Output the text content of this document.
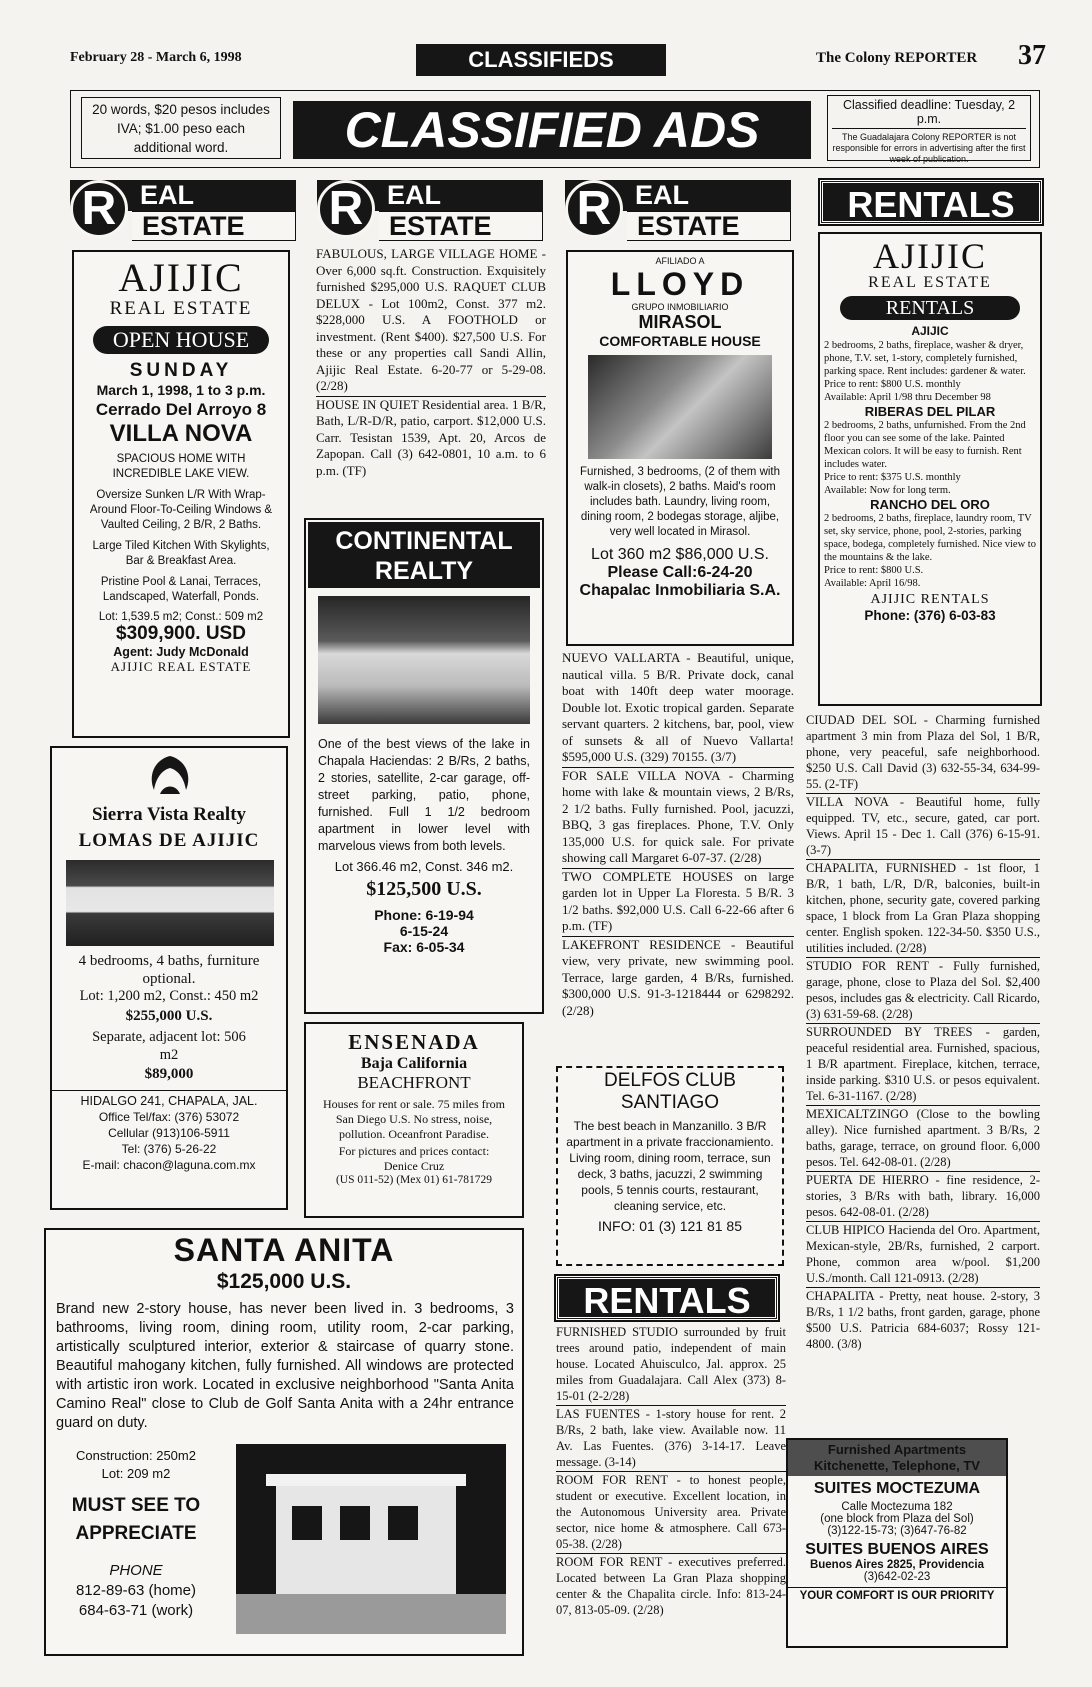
February 28 - March 6, 1998	CLASSIFIEDS	The Colony REPORTER 37
20 words, $20 pesos includes IVA; $1.00 peso each additional word.	CLASSIFIED ADS	Classified deadline: Tuesday, 2 p.m.
The Guadalajara Colony REPORTER is not responsible for errors in advertising after the first week of publication.
R EAL
ESTATE R EAL
ESTATE R EAL
ESTATE
RENTALS
AJIJIC
REAL ESTATE
OPEN HOUSE
SUNDAY
March 1, 1998, 1 to 3 p.m.
Cerrado Del Arroyo 8
VILLA NOVA
SPACIOUS HOME WITH INCREDIBLE LAKE VIEW.
Oversize Sunken L/R With Wrap-Around Floor-To-Ceiling Windows & Vaulted Ceiling, 2 B/R, 2 Baths.
Large Tiled Kitchen With Skylights, Bar & Breakfast Area.
Pristine Pool & Lanai, Terraces, Landscaped, Waterfall, Ponds.
Lot: 1,539.5 m2; Const.: 509 m2
$309,900. USD
Agent: Judy McDonald
AJIJIC REAL ESTATE
Sierra Vista Realty
LOMAS DE AJIJIC
4 bedrooms, 4 baths, furniture optional.
Lot: 1,200 m2, Const.: 450 m2
$255,000 U.S.
Separate, adjacent lot: 506 m2
$89,000
HIDALGO 241, CHAPALA, JAL.
Office Tel/fax: (376) 53072
Cellular (913)106-5911
Tel: (376) 5-26-22
E-mail: chacon@laguna.com.mx

FABULOUS, LARGE VILLAGE HOME - Over 6,000 sq.ft. Construction. Exquisitely furnished $295,000 U.S. RAQUET CLUB DELUX - Lot 100m2, Const. 377 m2. $228,000 U.S. A FOOTHOLD or investment. (Rent $400). $27,500 U.S. For these or any properties call Sandi Allin, Ajijic Real Estate. 6-20-77 or 5-29-08. (2/28)

HOUSE IN QUIET Residential area. 1 B/R, Bath, L/R-D/R, patio, carport. $12,000 U.S. Carr. Tesistan 1539, Apt. 20, Arcos de Zapopan. Call (3) 642-0801, 10 a.m. to 6 p.m. (TF)

CONTINENTAL REALTY
One of the best views of the lake in Chapala Haciendas: 2 B/Rs, 2 baths, 2 stories, satellite, 2-car garage, off-street parking, patio, phone, furnished. Full 1 1/2 bedroom apartment in lower level with marvelous views from both levels.
Lot 366.46 m2, Const. 346 m2.
$125,500 U.S.
Phone: 6-19-94
6-15-24
Fax: 6-05-34
ENSENADA
Baja California
BEACHFRONT
Houses for rent or sale. 75 miles from San Diego U.S. No stress, noise, pollution. Oceanfront Paradise.
For pictures and prices contact:
Denice Cruz
(US 011-52) (Mex 01) 61-781729
AFILIADO A
LLOYD
GRUPO INMOBILIARIO
MIRASOL
COMFORTABLE HOUSE
Furnished, 3 bedrooms, (2 of them with walk-in closets), 2 baths. Maid's room includes bath. Laundry, living room, dining room, 2 bodegas storage, aljibe, very well located in Mirasol.
Lot 360 m2 $86,000 U.S.
Please Call:6-24-20
Chapalac Inmobiliaria S.A.

NUEVO VALLARTA - Beautiful, unique, nautical villa. 5 B/R. Private dock, canal boat with 140ft deep water moorage. Double lot. Exotic tropical garden. Separate servant quarters. 2 kitchens, bar, pool, view of sunsets & all of Nuevo Vallarta! $595,000 U.S. (329) 70155. (3/7)

FOR SALE VILLA NOVA - Charming home with lake & mountain views, 2 B/Rs, 2 1/2 baths. Fully furnished. Pool, jacuzzi, BBQ, 3 gas fireplaces. Phone, T.V. Only 135,000 U.S. for quick sale. For private showing call Margaret 6-07-37. (2/28)

TWO COMPLETE HOUSES on large garden lot in Upper La Floresta. 5 B/R. 3 1/2 baths. $92,000 U.S. Call 6-22-66 after 6 p.m. (TF)

LAKEFRONT RESIDENCE - Beautiful view, very private, new swimming pool. Terrace, large garden, 4 B/Rs, furnished. $300,000 U.S. 91-3-1218444 or 6298292. (2/28)

DELFOS CLUB
SANTIAGO
The best beach in Manzanillo. 3 B/R apartment in a private fraccionamiento. Living room, dining room, terrace, sun deck, 3 baths, jacuzzi, 2 swimming pools, 5 tennis courts, restaurant, cleaning service, etc.
INFO: 01 (3) 121 81 85
RENTALS

FURNISHED STUDIO surrounded by fruit trees around patio, independent of main house. Located Ahuisculco, Jal. approx. 25 miles from Guadalajara. Call Alex (373) 8-15-01 (2-2/28)

LAS FUENTES - 1-story house for rent. 2 B/Rs, 2 bath, lake view. Available now. 11 Av. Las Fuentes. (376) 3-14-17. Leave message. (3-14)

ROOM FOR RENT - to honest people, student or executive. Excellent location, in the Autonomous University area. Private sector, nice home & atmosphere. Call 673-05-38. (2/28)

ROOM FOR RENT - executives preferred. Located between La Gran Plaza shopping center & the Chapalita circle. Info: 813-24-07, 813-05-09. (2/28)

AJIJIC
REAL ESTATE
RENTALS
AJIJIC

2 bedrooms, 2 baths, fireplace, washer & dryer, phone, T.V. set, 1-story, completely furnished, parking space. Rent includes: gardener & water.

Price to rent: $800 U.S. monthly

Available: April 1/98 thru December 98

RIBERAS DEL PILAR

2 bedrooms, 2 baths, unfurnished. From the 2nd floor you can see some of the lake. Painted Mexican colors. It will be easy to furnish. Rent includes water.

Price to rent: $375 U.S. monthly

Available: Now for long term.

RANCHO DEL ORO

2 bedrooms, 2 baths, fireplace, laundry room, TV set, sky service, phone, pool, 2-stories, parking space, bodega, completely furnished. Nice view to the mountains & the lake.

Price to rent: $800 U.S.

Available: April 16/98.

AJIJIC RENTALS
Phone: (376) 6-03-83

CIUDAD DEL SOL - Charming furnished apartment 3 min from Plaza del Sol, 1 B/R, phone, very peaceful, safe neighborhood. $250 U.S. Call David (3) 632-55-34, 634-99-55. (2-TF)

VILLA NOVA - Beautiful home, fully equipped. TV, etc., secure, gated, car port. Views. April 15 - Dec 1. Call (376) 6-15-91. (3-7)

CHAPALITA, FURNISHED - 1st floor, 1 B/R, 1 bath, L/R, D/R, balconies, built-in kitchen, phone, security gate, covered parking space, 1 block from La Gran Plaza shopping center. English spoken. 122-34-50. $350 U.S., utilities included. (2/28)

STUDIO FOR RENT - Fully furnished, garage, phone, close to Plaza del Sol. $2,400 pesos, includes gas & electricity. Call Ricardo, (3) 631-59-68. (2/28)

SURROUNDED BY TREES - garden, peaceful residential area. Furnished, spacious, 1 B/R apartment. Fireplace, kitchen, terrace, inside parking. $310 U.S. or pesos equivalent. Tel. 6-31-1167. (2/28)

MEXICALTZINGO (Close to the bowling alley). Nice furnished apartment. 3 B/Rs, 2 baths, garage, terrace, on ground floor. 6,000 pesos. Tel. 642-08-01. (2/28)

PUERTA DE HIERRO - fine residence, 2-stories, 3 B/Rs with bath, library. 16,000 pesos. 642-08-01. (2/28)

CLUB HIPICO Hacienda del Oro. Apartment, Mexican-style, 2B/Rs, furnished, 2 carport. Phone, common area w/pool. $1,200 U.S./month. Call 121-0913. (2/28)

CHAPALITA - Pretty, neat house. 2-story, 3 B/Rs, 1 1/2 baths, front garden, garage, phone $500 U.S. Patricia 684-6037; Rossy 121-4800. (3/8)

Furnished Apartments Kitchenette, Telephone, TV
SUITES MOCTEZUMA
Calle Moctezuma 182
(one block from Plaza del Sol)
(3)122-15-73; (3)647-76-82
SUITES BUENOS AIRES
Buenos Aires 2825, Providencia
(3)642-02-23
YOUR COMFORT IS OUR PRIORITY
SANTA ANITA
$125,000 U.S.
Brand new 2-story house, has never been lived in. 3 bedrooms, 3 bathrooms, living room, dining room, utility room, 2-car parking, artistically sculptured interior, exterior & staircase of quarry stone. Beautiful mahogany kitchen, fully furnished. All windows are protected with artistic iron work. Located in exclusive neighborhood "Santa Anita Camino Real" close to Club de Golf Santa Anita with a 24hr entrance guard on duty.
Construction: 250m2
Lot: 209 m2
MUST SEE TO APPRECIATE
PHONE
812-89-63 (home)
684-63-71 (work)
